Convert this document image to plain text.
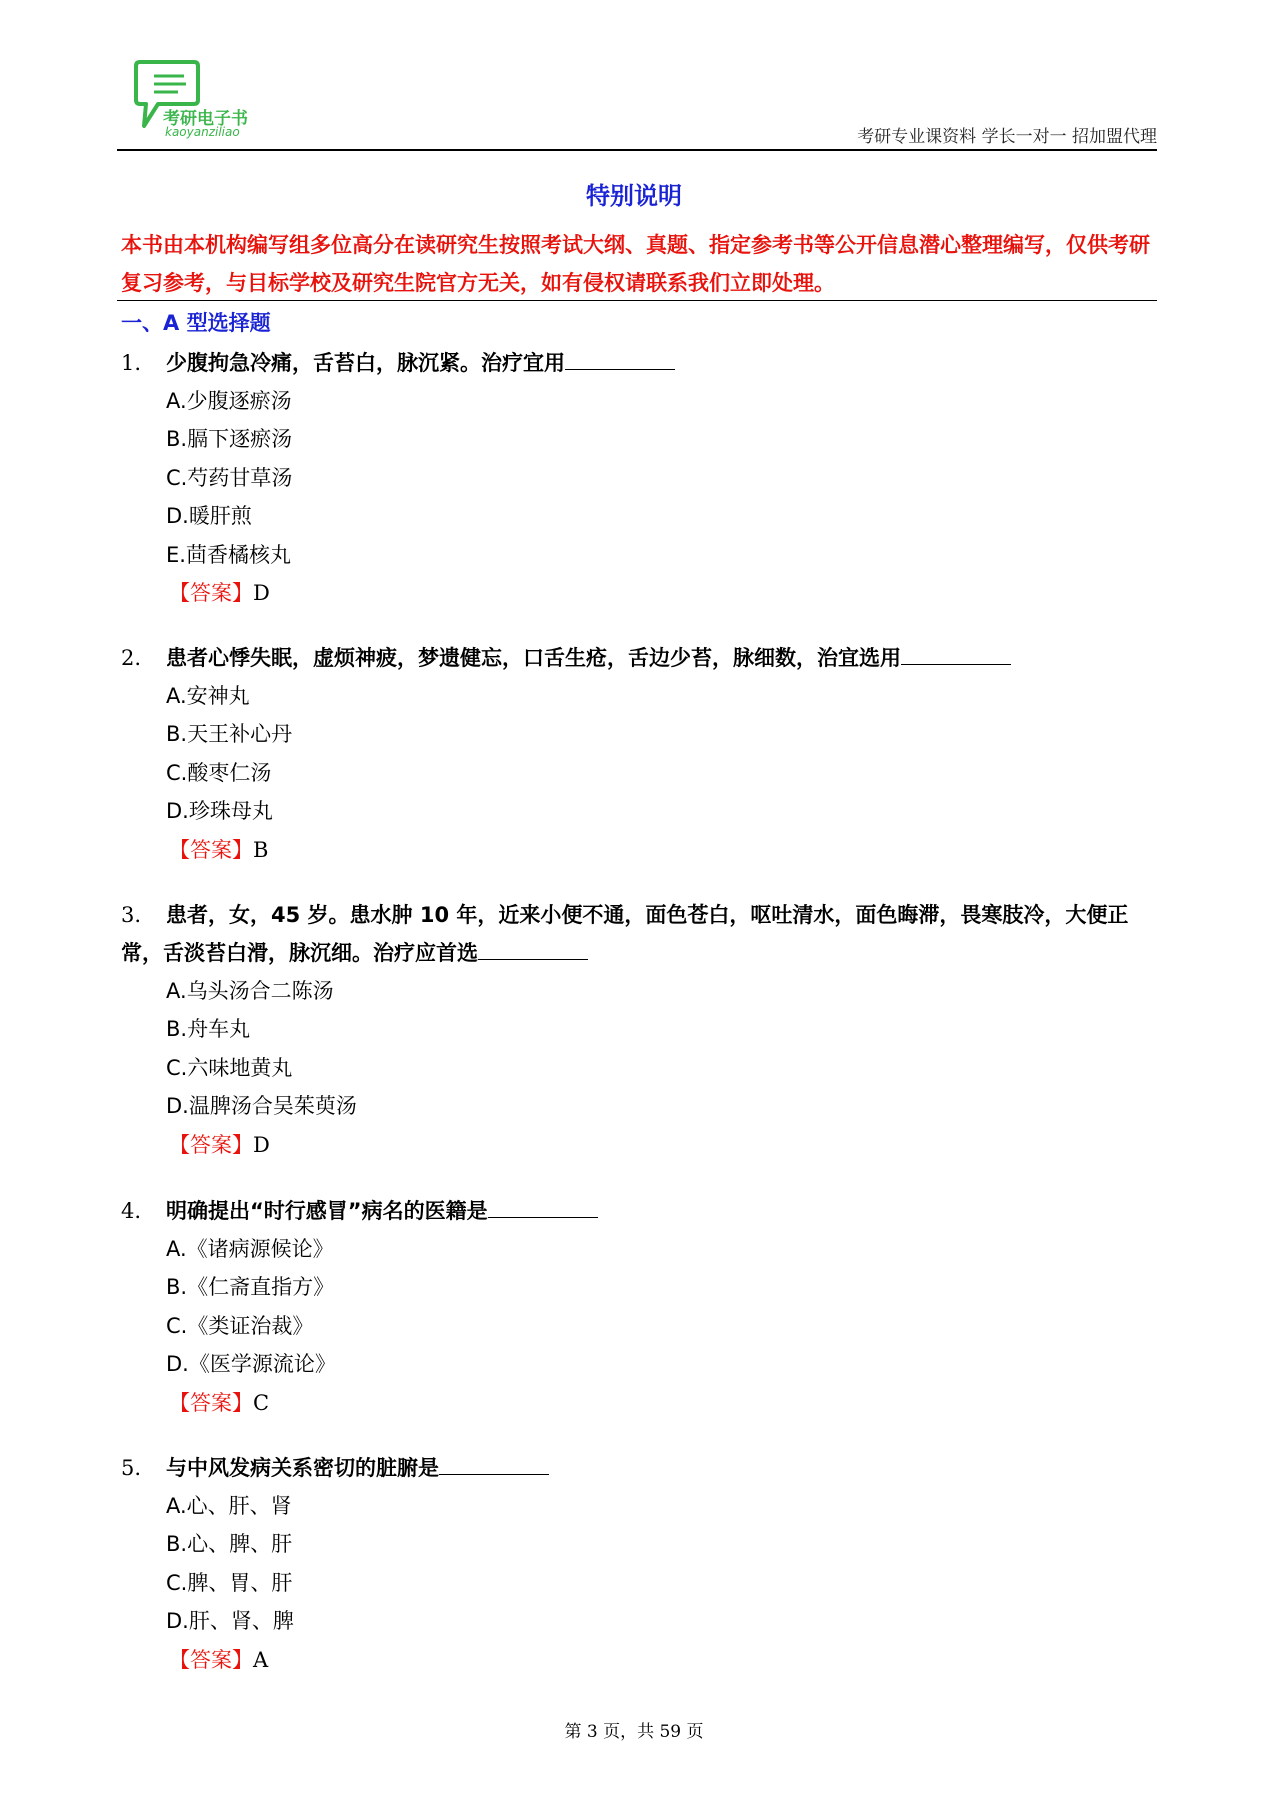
考研电子书
kaoyanziliao	考研专业课资料 学长一对一 招加盟代理
特别说明
本书由本机构编写组多位高分在读研究生按照考试大纲、真题、指定参考书等公开信息潜心整理编写，仅供考研复习参考，与目标学校及研究生院官方无关，如有侵权请联系我们立即处理。
一、A 型选择题
1. 少腹拘急冷痛，舌苔白，脉沉紧。治疗宜用
A.少腹逐瘀汤
B.膈下逐瘀汤
C.芍药甘草汤
D.暖肝煎
E.茴香橘核丸
【答案】D
2. 患者心悸失眠，虚烦神疲，梦遗健忘，口舌生疮，舌边少苔，脉细数，治宜选用
A.安神丸
B.天王补心丹
C.酸枣仁汤
D.珍珠母丸
【答案】B
3. 患者，女，45 岁。患水肿 10 年，近来小便不通，面色苍白，呕吐清水，面色晦滞，畏寒肢冷，大便正常，舌淡苔白滑，脉沉细。治疗应首选
A.乌头汤合二陈汤
B.舟车丸
C.六味地黄丸
D.温脾汤合吴茱萸汤
【答案】D
4. 明确提出“时行感冒”病名的医籍是
A.《诸病源候论》
B.《仁斋直指方》
C.《类证治裁》
D.《医学源流论》
【答案】C
5. 与中风发病关系密切的脏腑是
A.心、肝、肾
B.心、脾、肝
C.脾、胃、肝
D.肝、肾、脾
【答案】A
第 3 页，共 59 页
